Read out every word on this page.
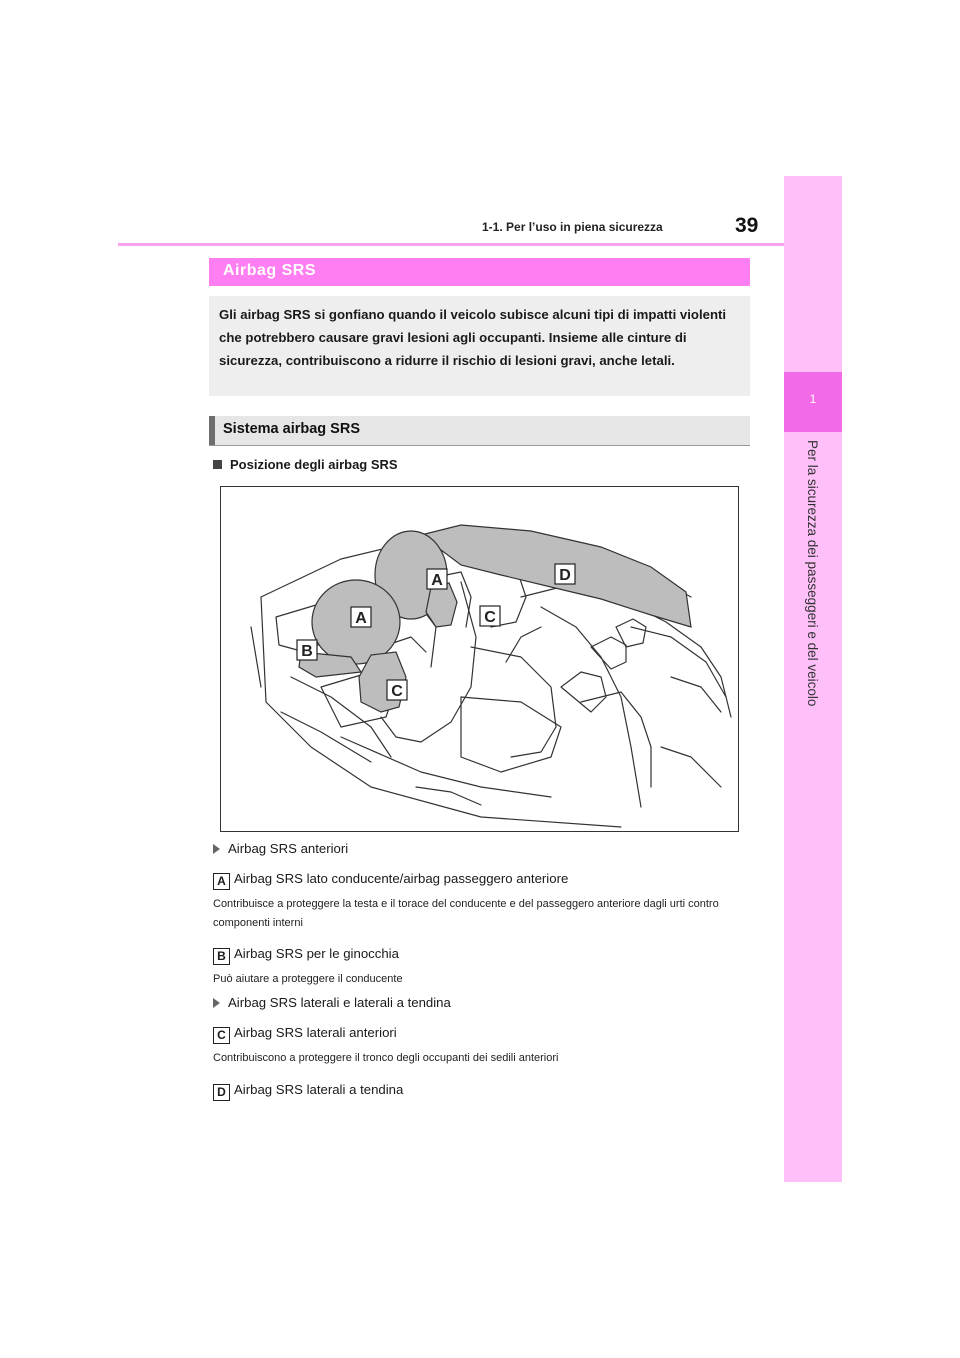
1
Per la sicurezza dei passeggeri e del veicolo
1-1. Per l’uso in piena sicurezza	39
Airbag SRS
Gli airbag SRS si gonfiano quando il veicolo subisce alcuni tipi di impatti violenti che potrebbero causare gravi lesioni agli occupanti. Insieme alle cinture di sicurezza, contribuiscono a ridurre il rischio di lesioni gravi, anche letali.
Sistema airbag SRS
Posizione degli airbag SRS
A
A
B
C
C
D
Airbag SRS anteriori
A Airbag SRS lato conducente/airbag passeggero anteriore
Contribuisce a proteggere la testa e il torace del conducente e del passeggero anteriore dagli urti contro componenti interni
B Airbag SRS per le ginocchia
Può aiutare a proteggere il conducente
Airbag SRS laterali e laterali a tendina
C Airbag SRS laterali anteriori
Contribuiscono a proteggere il tronco degli occupanti dei sedili anteriori
D Airbag SRS laterali a tendina
